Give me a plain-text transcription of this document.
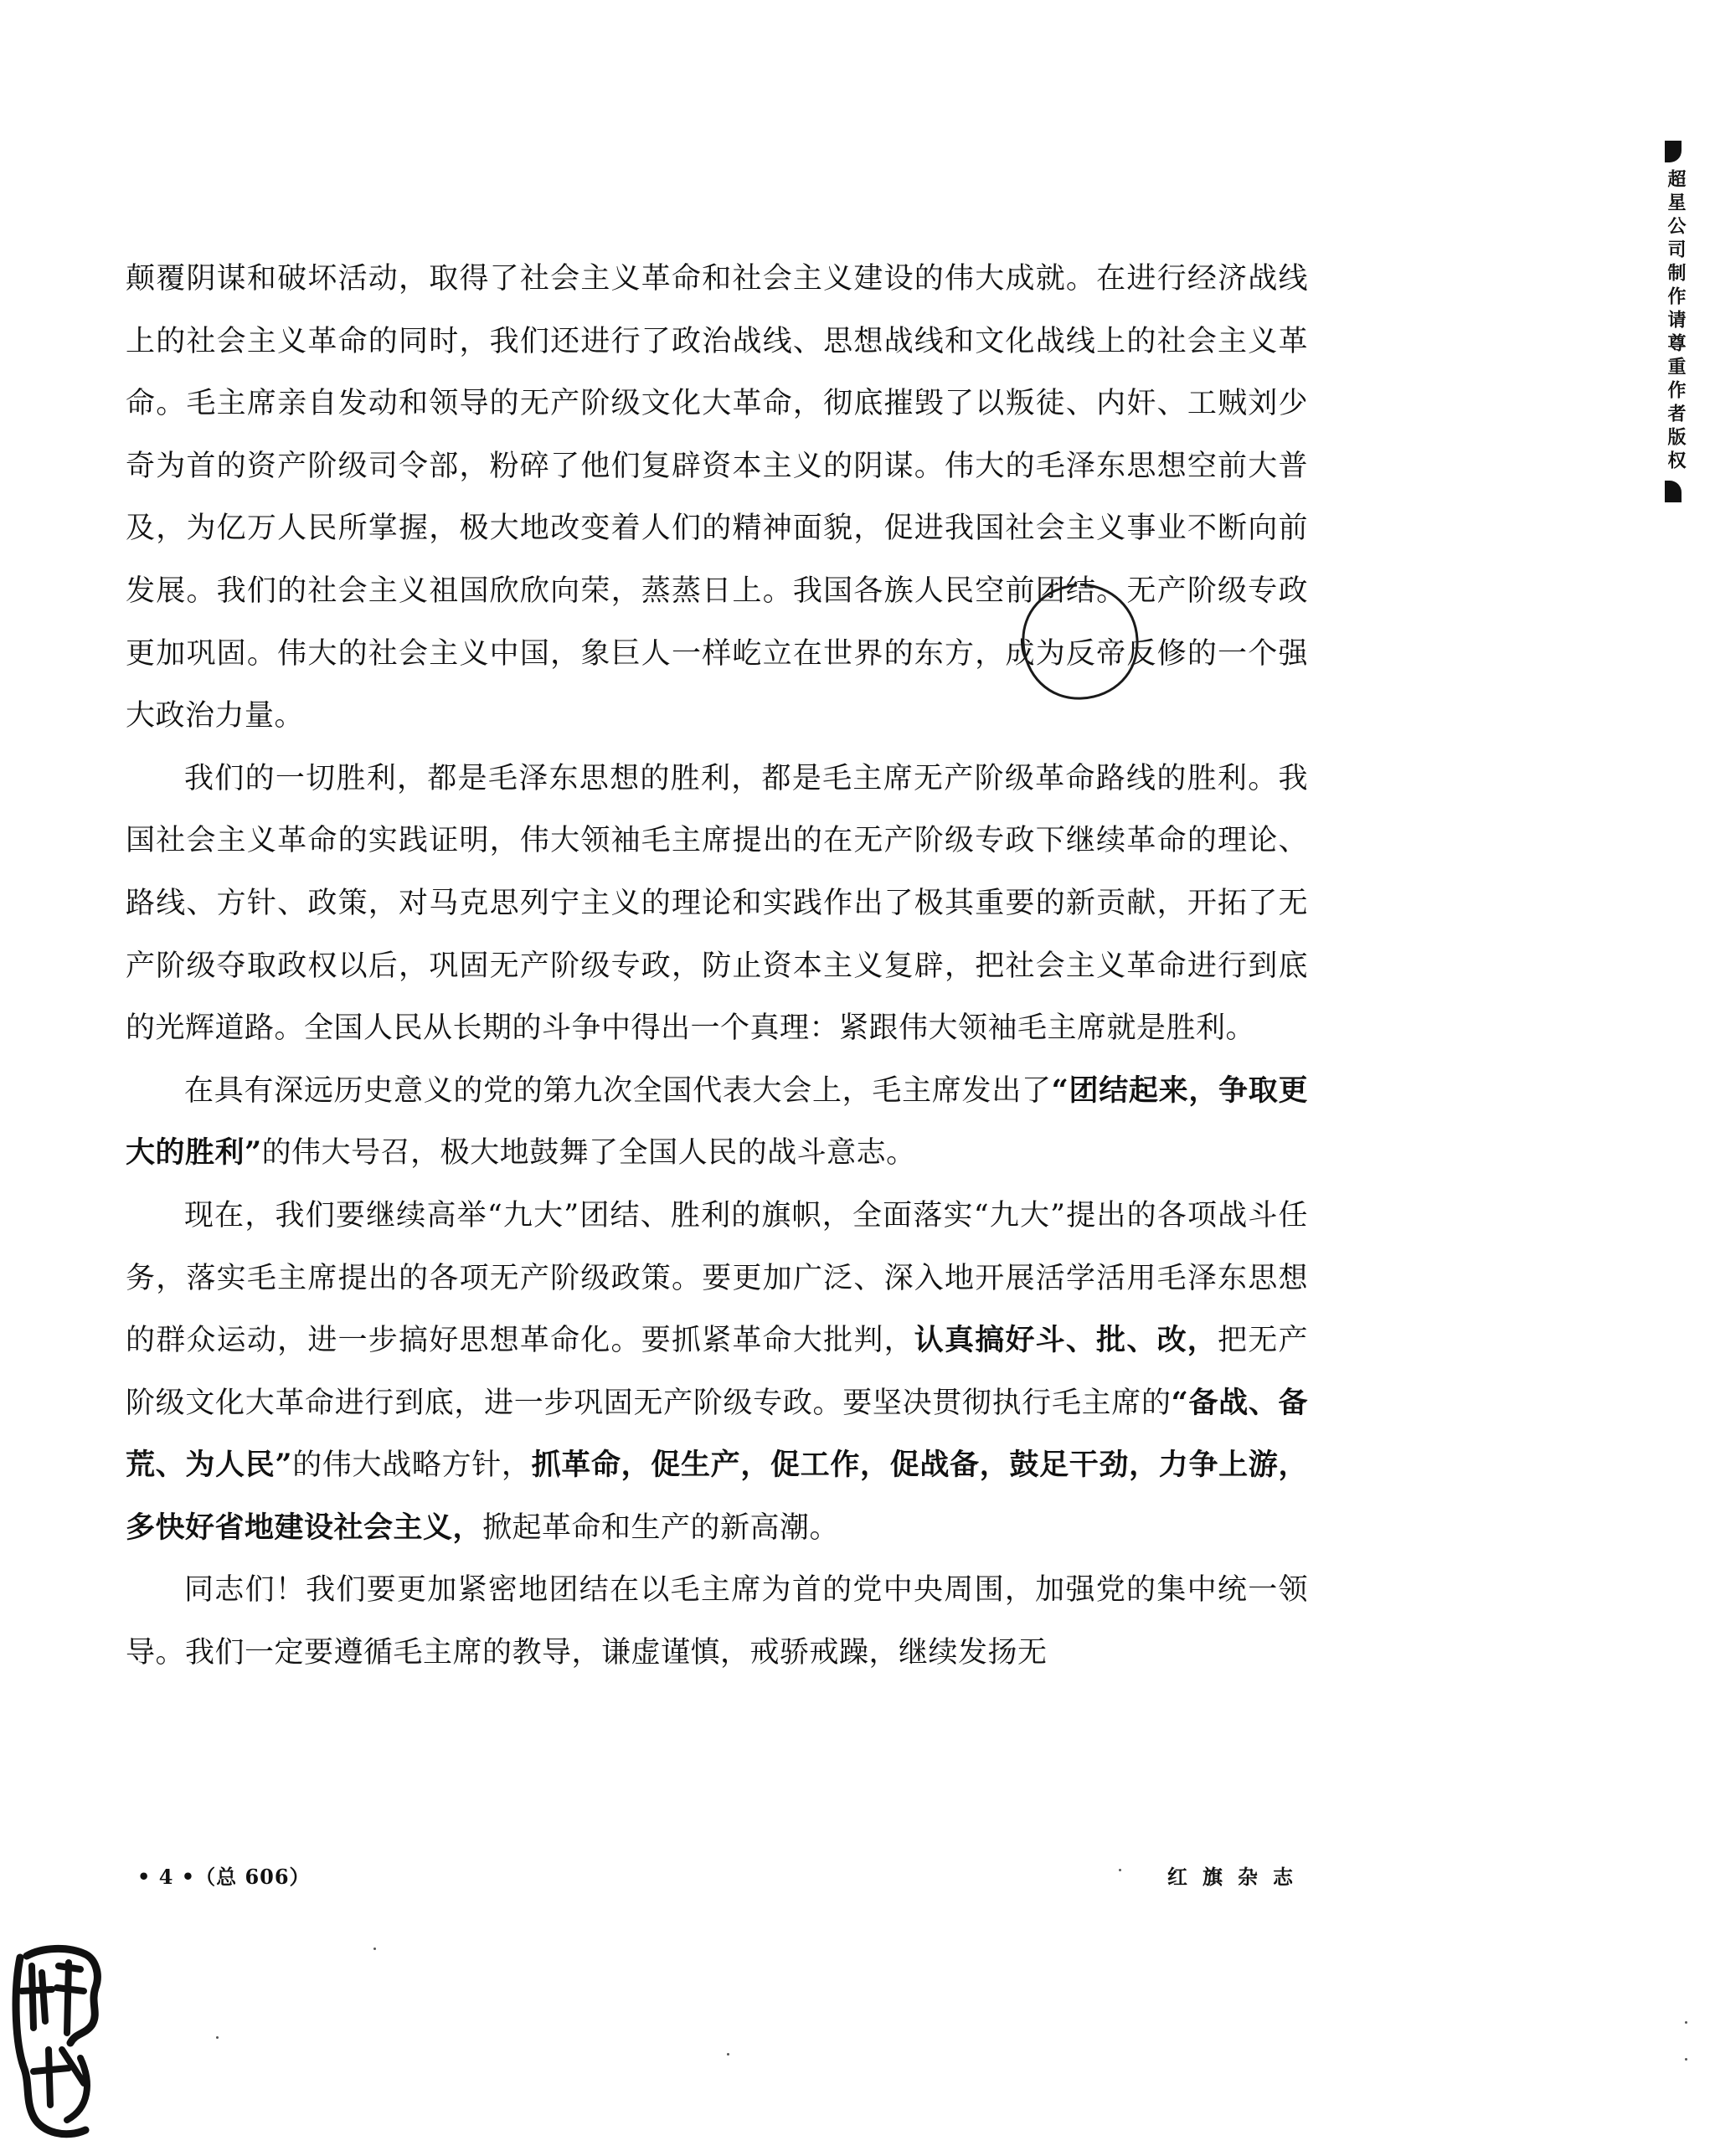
超星公司制作请尊重作者版权

颠覆阴谋和破坏活动，取得了社会主义革命和社会主义建设的伟大成就。在进行经济战线上的社会主义革命的同时，我们还进行了政治战线、思想战线和文化战线上的社会主义革命。毛主席亲自发动和领导的无产阶级文化大革命，彻底摧毁了以叛徒、内奸、工贼刘少奇为首的资产阶级司令部，粉碎了他们复辟资本主义的阴谋。伟大的毛泽东思想空前大普及，为亿万人民所掌握，极大地改变着人们的精神面貌，促进我国社会主义事业不断向前发展。我们的社会主义祖国欣欣向荣，蒸蒸日上。我国各族人民空前团结。无产阶级专政更加巩固。伟大的社会主义中国，象巨人一样屹立在世界的东方，成为反帝反修的一个强大政治力量。

我们的一切胜利，都是毛泽东思想的胜利，都是毛主席无产阶级革命路线的胜利。我国社会主义革命的实践证明，伟大领袖毛主席提出的在无产阶级专政下继续革命的理论、路线、方针、政策，对马克思列宁主义的理论和实践作出了极其重要的新贡献，开拓了无产阶级夺取政权以后，巩固无产阶级专政，防止资本主义复辟，把社会主义革命进行到底的光辉道路。全国人民从长期的斗争中得出一个真理：紧跟伟大领袖毛主席就是胜利。

在具有深远历史意义的党的第九次全国代表大会上，毛主席发出了“团结起来，争取更大的胜利”的伟大号召，极大地鼓舞了全国人民的战斗意志。

现在，我们要继续高举“九大”团结、胜利的旗帜，全面落实“九大”提出的各项战斗任务，落实毛主席提出的各项无产阶级政策。要更加广泛、深入地开展活学活用毛泽东思想的群众运动，进一步搞好思想革命化。要抓紧革命大批判，认真搞好斗、批、改，把无产阶级文化大革命进行到底，进一步巩固无产阶级专政。要坚决贯彻执行毛主席的“备战、备荒、为人民”的伟大战略方针，抓革命，促生产，促工作，促战备，鼓足干劲，力争上游，多快好省地建设社会主义，掀起革命和生产的新高潮。

同志们！我们要更加紧密地团结在以毛主席为首的党中央周围，加强党的集中统一领导。我们一定要遵循毛主席的教导，谦虚谨慎，戒骄戒躁，继续发扬无

• 4 •（总 606）	红旗杂志
